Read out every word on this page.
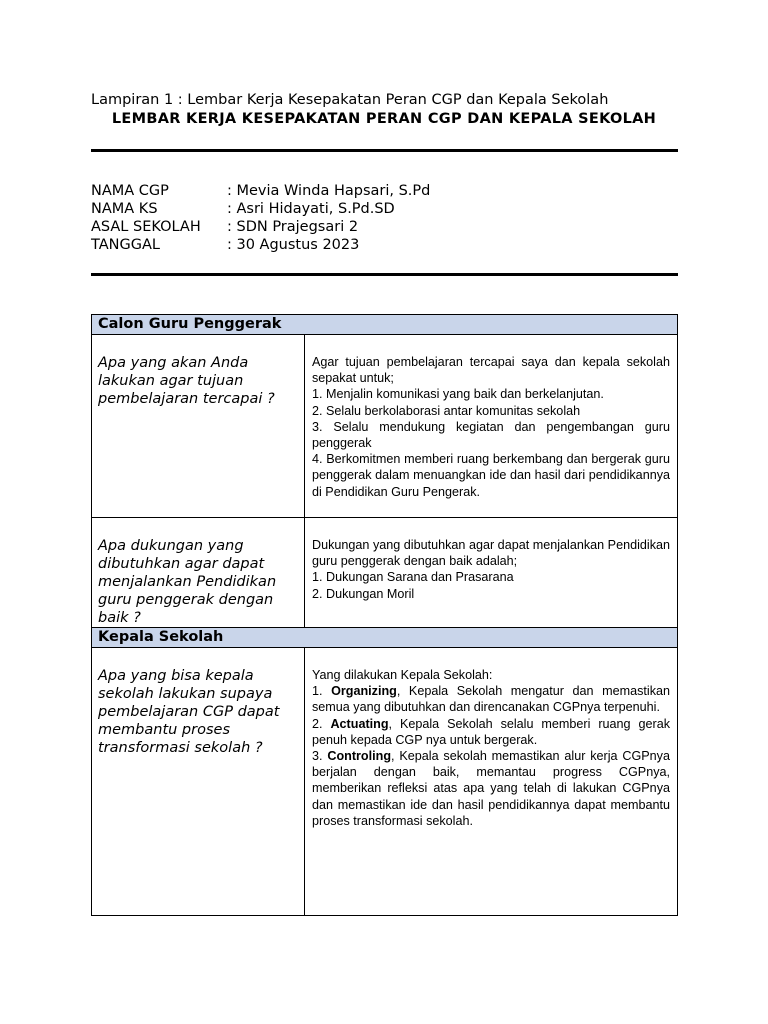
Lampiran 1 : Lembar Kerja Kesepakatan Peran CGP dan Kepala Sekolah
LEMBAR KERJA KESEPAKATAN PERAN CGP DAN KEPALA SEKOLAH
NAMA CGP	: Mevia Winda Hapsari, S.Pd
NAMA KS	: Asri Hidayati, S.Pd.SD
ASAL SEKOLAH	: SDN Prajegsari 2
TANGGAL	: 30 Agustus 2023
Calon Guru Penggerak	

Apa yang akan Anda lakukan agar tujuan pembelajaran tercapai ?	Agar tujuan pembelajaran tercapai saya dan kepala sekolah sepakat untuk;

1. Menjalin komunikasi yang baik dan berkelanjutan.

2. Selalu berkolaborasi antar komunitas sekolah

3. Selalu mendukung kegiatan dan pengembangan guru penggerak

4. Berkomitmen memberi ruang berkembang dan bergerak guru penggerak dalam menuangkan ide dan hasil dari pendidikannya di Pendidikan Guru Pengerak.

Apa dukungan yang dibutuhkan agar dapat menjalankan Pendidikan guru penggerak dengan baik ?	Dukungan yang dibutuhkan agar dapat menjalankan Pendidikan guru penggerak dengan baik adalah;

1. Dukungan Sarana dan Prasarana

2. Dukungan Moril

Kepala Sekolah	

Apa yang bisa kepala sekolah lakukan supaya pembelajaran CGP dapat membantu proses transformasi sekolah ?	Yang dilakukan Kepala Sekolah:

1. Organizing, Kepala Sekolah mengatur dan memastikan semua yang dibutuhkan dan direncanakan CGPnya terpenuhi.

2. Actuating, Kepala Sekolah selalu memberi ruang gerak penuh kepada CGP nya untuk bergerak.

3. Controling, Kepala sekolah memastikan alur kerja CGPnya berjalan dengan baik, memantau progress CGPnya, memberikan refleksi atas apa yang telah di lakukan CGPnya dan memastikan ide dan hasil pendidikannya dapat membantu proses transformasi sekolah.
